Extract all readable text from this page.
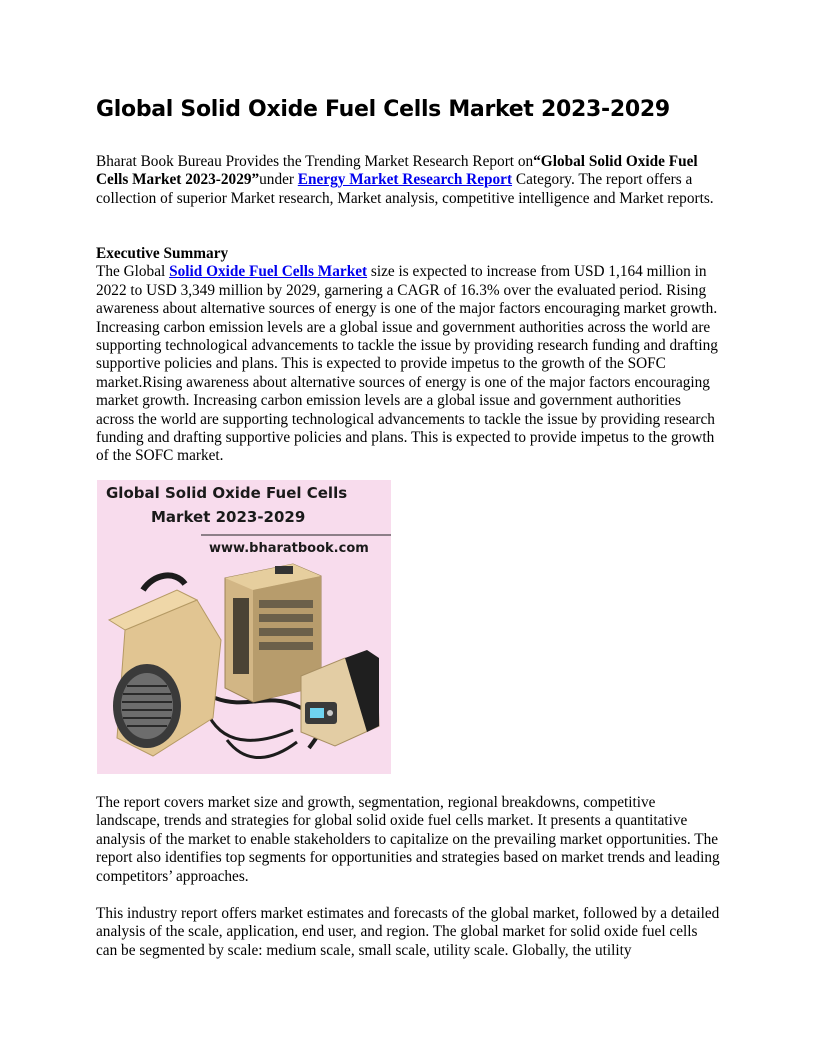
Global Solid Oxide Fuel Cells Market 2023-2029

Bharat Book Bureau Provides the Trending Market Research Report on“Global Solid Oxide Fuel Cells Market 2023-2029”under Energy Market Research Report Category. The report offers a collection of superior Market research, Market analysis, competitive intelligence and Market reports.

Executive Summary
The Global Solid Oxide Fuel Cells Market size is expected to increase from USD 1,164 million in 2022 to USD 3,349 million by 2029, garnering a CAGR of 16.3% over the evaluated period. Rising awareness about alternative sources of energy is one of the major factors encouraging market growth. Increasing carbon emission levels are a global issue and government authorities across the world are supporting technological advancements to tackle the issue by providing research funding and drafting supportive policies and plans. This is expected to provide impetus to the growth of the SOFC market.Rising awareness about alternative sources of energy is one of the major factors encouraging market growth. Increasing carbon emission levels are a global issue and government authorities across the world are supporting technological advancements to tackle the issue by providing research funding and drafting supportive policies and plans. This is expected to provide impetus to the growth of the SOFC market.

Global Solid Oxide Fuel Cells
Market 2023-2029
www.bharatbook.com

The report covers market size and growth, segmentation, regional breakdowns, competitive landscape, trends and strategies for global solid oxide fuel cells market. It presents a quantitative analysis of the market to enable stakeholders to capitalize on the prevailing market opportunities. The report also identifies top segments for opportunities and strategies based on market trends and leading competitors’ approaches.

This industry report offers market estimates and forecasts of the global market, followed by a detailed analysis of the scale, application, end user, and region. The global market for solid oxide fuel cells can be segmented by scale: medium scale, small scale, utility scale. Globally, the utility
